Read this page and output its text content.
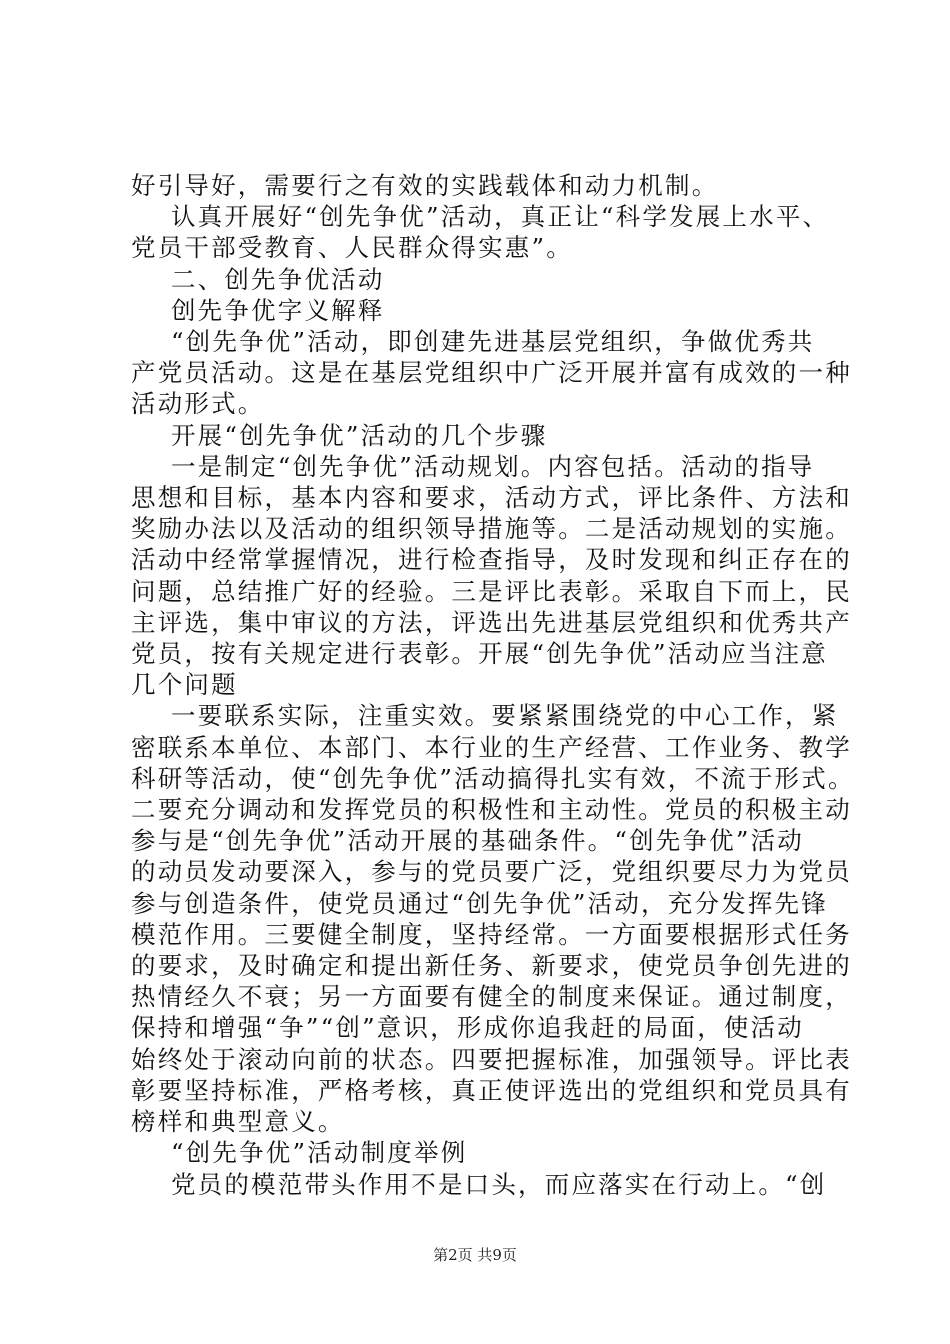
好引导好，需要行之有效的实践载体和动力机制。

认真开展好“创先争优”活动，真正让“科学发展上水平、

党员干部受教育、人民群众得实惠”。

二、创先争优活动

创先争优字义解释

“创先争优”活动，即创建先进基层党组织，争做优秀共

产党员活动。这是在基层党组织中广泛开展并富有成效的一种

活动形式。

开展“创先争优”活动的几个步骤

一是制定“创先争优”活动规划。内容包括。活动的指导

思想和目标，基本内容和要求，活动方式，评比条件、方法和

奖励办法以及活动的组织领导措施等。二是活动规划的实施。

活动中经常掌握情况，进行检查指导，及时发现和纠正存在的

问题，总结推广好的经验。三是评比表彰。采取自下而上，民

主评选，集中审议的方法，评选出先进基层党组织和优秀共产

党员，按有关规定进行表彰。开展“创先争优”活动应当注意

几个问题

一要联系实际，注重实效。要紧紧围绕党的中心工作，紧

密联系本单位、本部门、本行业的生产经营、工作业务、教学

科研等活动，使“创先争优”活动搞得扎实有效，不流于形式。

二要充分调动和发挥党员的积极性和主动性。党员的积极主动

参与是“创先争优”活动开展的基础条件。“创先争优”活动

的动员发动要深入，参与的党员要广泛，党组织要尽力为党员

参与创造条件，使党员通过“创先争优”活动，充分发挥先锋

模范作用。三要健全制度，坚持经常。一方面要根据形式任务

的要求，及时确定和提出新任务、新要求，使党员争创先进的

热情经久不衰；另一方面要有健全的制度来保证。通过制度，

保持和增强“争”“创”意识，形成你追我赶的局面，使活动

始终处于滚动向前的状态。四要把握标准，加强领导。评比表

彰要坚持标准，严格考核，真正使评选出的党组织和党员具有

榜样和典型意义。

“创先争优”活动制度举例

党员的模范带头作用不是口头，而应落实在行动上。“创

第2页 共9页
